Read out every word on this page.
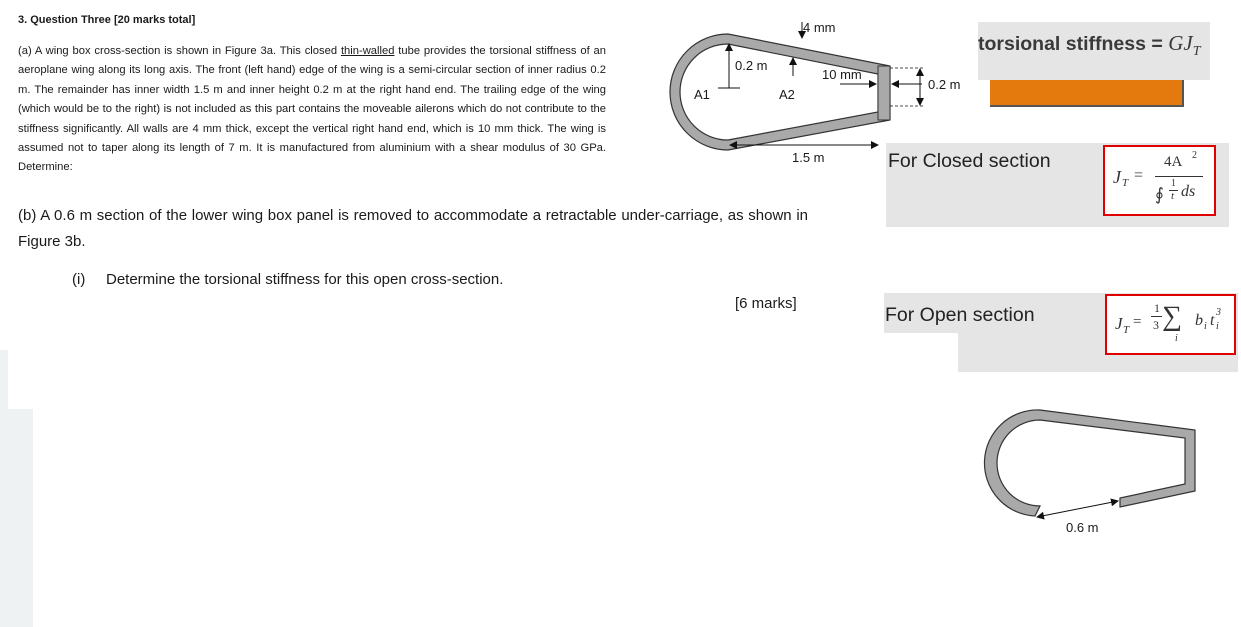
3. Question Three [20 marks total]
(a) A wing box cross-section is shown in Figure 3a. This closed thin-walled tube provides the torsional stiffness of an aeroplane wing along its long axis. The front (left hand) edge of the wing is a semi-circular section of inner radius 0.2 m. The remainder has inner width 1.5 m and inner height 0.2 m at the right hand end. The trailing edge of the wing (which would be to the right) is not included as this part contains the moveable ailerons which do not contribute to the stiffness significantly. All walls are 4 mm thick, except the vertical right hand end, which is 10 mm thick. The wing is assumed not to taper along its length of 7 m. It is manufactured from aluminium with a shear modulus of 30 GPa. Determine:
(b) A 0.6 m section of the lower wing box panel is removed to accommodate a retractable under-carriage, as shown in Figure 3b.
(i) Determine the torsional stiffness for this open cross-section.
[6 marks]
4 mm
0.2 m
10 mm
0.2 m
A1	A2
1.5 m
torsional stiffness = $GJ_T$
For Closed section
J T =
4A 2
∮
1
t ds
For Open section	J T =
1
3 ∑
i
b i t 3
i
0.6 m
